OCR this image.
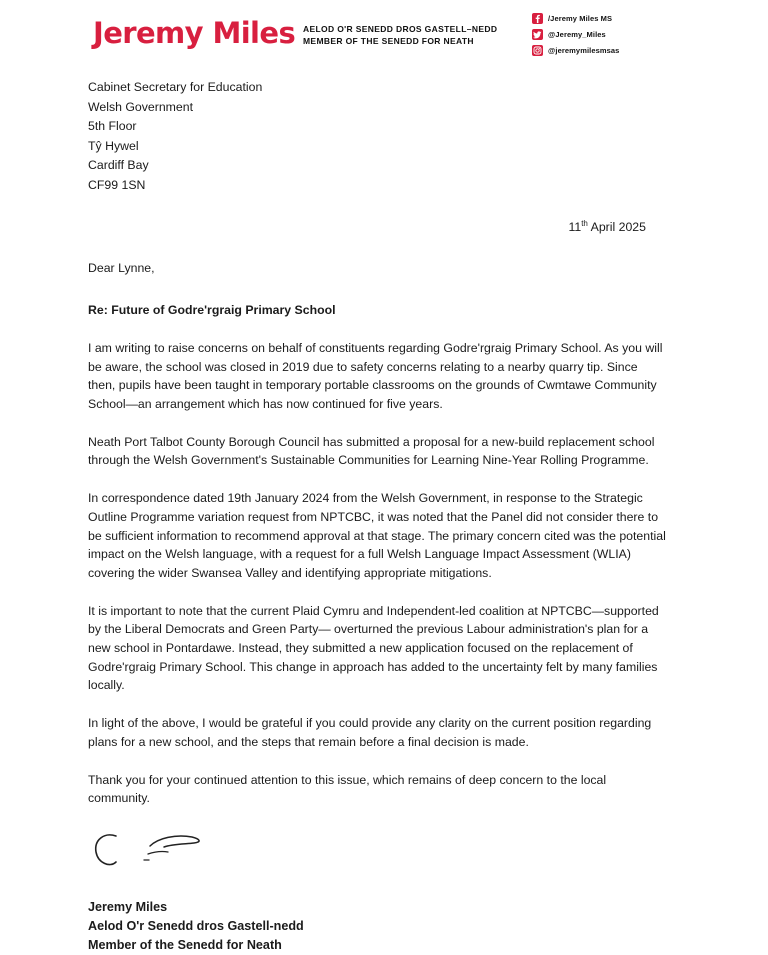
Jeremy Miles AELOD O'R SENEDD DROS GASTELL–NEDD
MEMBER OF THE SENEDD FOR NEATH
/Jeremy Miles MS
@Jeremy_Miles
@jeremymilesmsas
Cabinet Secretary for Education
Welsh Government
5th Floor
Tŷ Hywel
Cardiff Bay
CF99 1SN
11th April 2025
Dear Lynne,
Re: Future of Godre'rgraig Primary School

I am writing to raise concerns on behalf of constituents regarding Godre'rgraig Primary School. As you will be aware, the school was closed in 2019 due to safety concerns relating to a nearby quarry tip. Since then, pupils have been taught in temporary portable classrooms on the grounds of Cwmtawe Community School—an arrangement which has now continued for five years.

Neath Port Talbot County Borough Council has submitted a proposal for a new-build replacement school through the Welsh Government's Sustainable Communities for Learning Nine-Year Rolling Programme.

In correspondence dated 19th January 2024 from the Welsh Government, in response to the Strategic Outline Programme variation request from NPTCBC, it was noted that the Panel did not consider there to be sufficient information to recommend approval at that stage. The primary concern cited was the potential impact on the Welsh language, with a request for a full Welsh Language Impact Assessment (WLIA) covering the wider Swansea Valley and identifying appropriate mitigations.

It is important to note that the current Plaid Cymru and Independent-led coalition at NPTCBC—supported by the Liberal Democrats and Green Party— overturned the previous Labour administration's plan for a new school in Pontardawe. Instead, they submitted a new application focused on the replacement of Godre'rgraig Primary School. This change in approach has added to the uncertainty felt by many families locally.

In light of the above, I would be grateful if you could provide any clarity on the current position regarding plans for a new school, and the steps that remain before a final decision is made.

Thank you for your continued attention to this issue, which remains of deep concern to the local community.

Jeremy Miles
Aelod O'r Senedd dros Gastell-nedd
Member of the Senedd for Neath
